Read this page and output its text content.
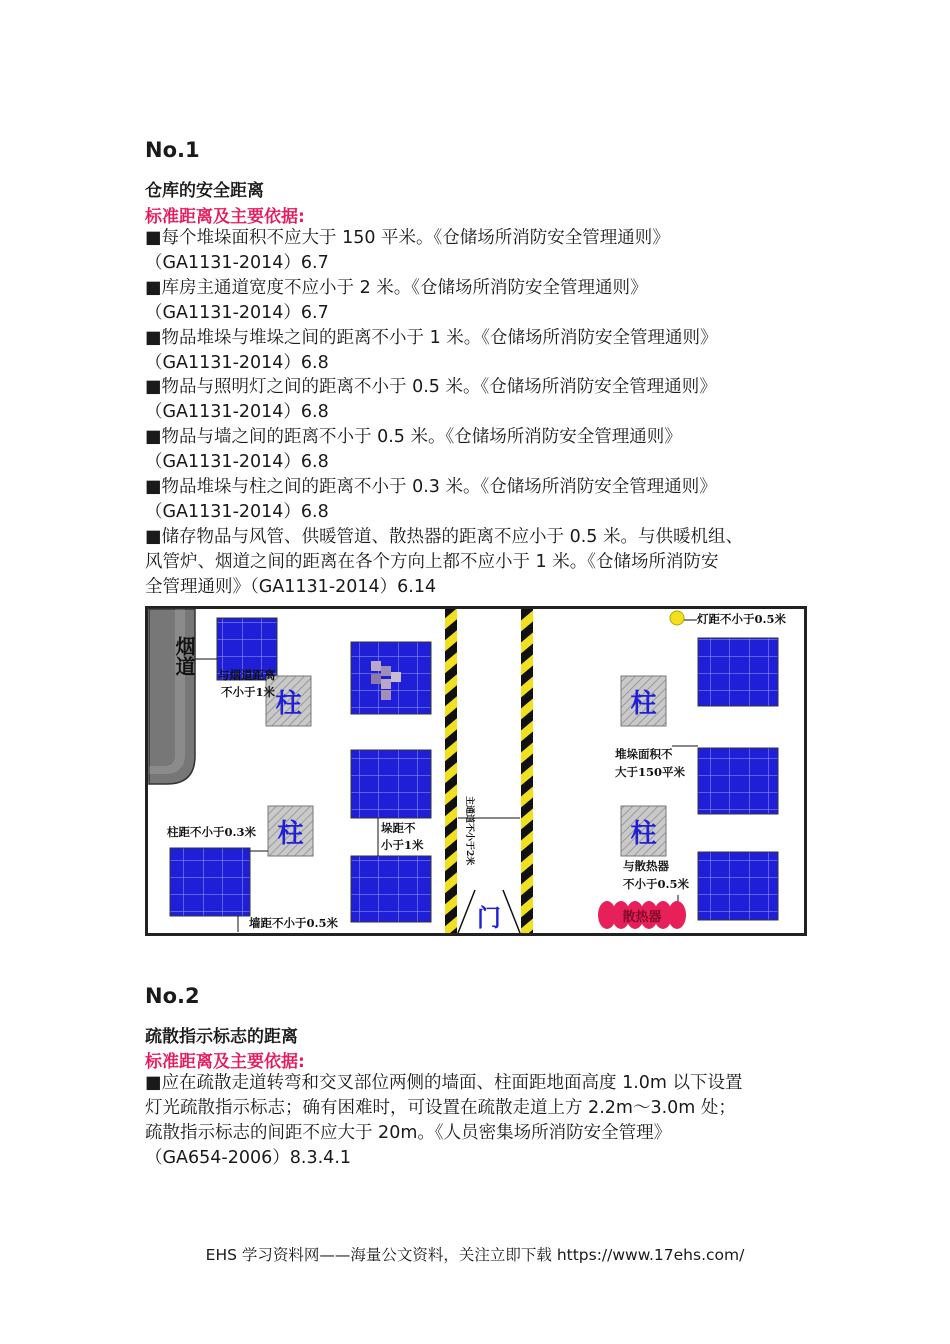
No.1
仓库的安全距离
标准距离及主要依据:
■每个堆垛面积不应大于 150 平米。《仓储场所消防安全管理通则》
（GA1131-2014）6.7
■库房主通道宽度不应小于 2 米。《仓储场所消防安全管理通则》
（GA1131-2014）6.7
■物品堆垛与堆垛之间的距离不小于 1 米。《仓储场所消防安全管理通则》
（GA1131-2014）6.8
■物品与照明灯之间的距离不小于 0.5 米。《仓储场所消防安全管理通则》
（GA1131-2014）6.8
■物品与墙之间的距离不小于 0.5 米。《仓储场所消防安全管理通则》
（GA1131-2014）6.8
■物品堆垛与柱之间的距离不小于 0.3 米。《仓储场所消防安全管理通则》
（GA1131-2014）6.8
■储存物品与风管、供暖管道、散热器的距离不应小于 0.5 米。与供暖机组、
风管炉、烟道之间的距离在各个方向上都不应小于 1 米。《仓储场所消防安
全管理通则》（GA1131-2014）6.14
烟道
柱
柱
与烟道距离
不小于1米
柱距不小于0.3米	垛距不
小于1米
墙距不小于0.5米
主通道不小于2米
门
灯距不小于0.5米
柱
柱
堆垛面积不
大于150平米
与散热器
不小于0.5米
散热器
No.2
疏散指示标志的距离
标准距离及主要依据:
■应在疏散走道转弯和交叉部位两侧的墙面、柱面距地面高度 1.0m 以下设置
灯光疏散指示标志；确有困难时，可设置在疏散走道上方 2.2m～3.0m 处；
疏散指示标志的间距不应大于 20m。《人员密集场所消防安全管理》
（GA654-2006）8.3.4.1
EHS 学习资料网——海量公文资料，关注立即下载 https://www.17ehs.com/
